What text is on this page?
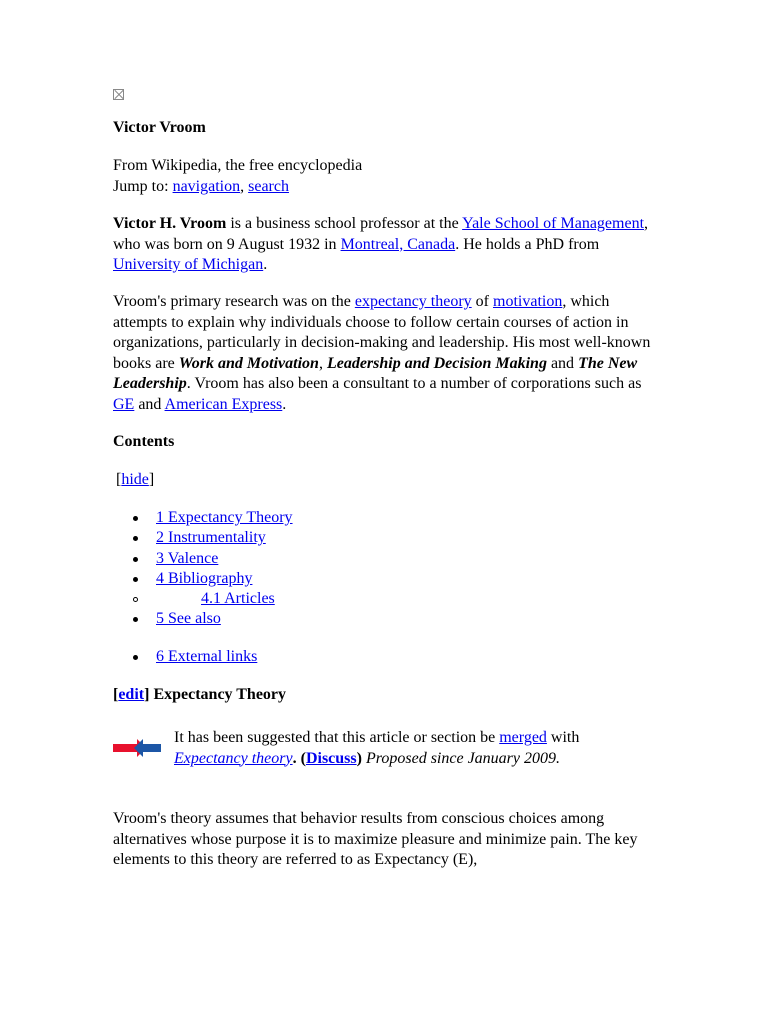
Victor Vroom

From Wikipedia, the free encyclopedia
Jump to: navigation, search

Victor H. Vroom is a business school professor at the Yale School of Management, who was born on 9 August 1932 in Montreal, Canada. He holds a PhD from University of Michigan.

Vroom's primary research was on the expectancy theory of motivation, which attempts to explain why individuals choose to follow certain courses of action in organizations, particularly in decision-making and leadership. His most well-known books are Work and Motivation, Leadership and Decision Making and The New Leadership. Vroom has also been a consultant to a number of corporations such as GE and American Express.

Contents

[hide]

1 Expectancy Theory
2 Instrumentality
3 Valence
4 Bibliography
4.1 Articles
5 See also
6 External links

[edit] Expectancy Theory

It has been suggested that this article or section be merged with Expectancy theory. (Discuss) Proposed since January 2009.

Vroom's theory assumes that behavior results from conscious choices among alternatives whose purpose it is to maximize pleasure and minimize pain. The key elements to this theory are referred to as Expectancy (E),
